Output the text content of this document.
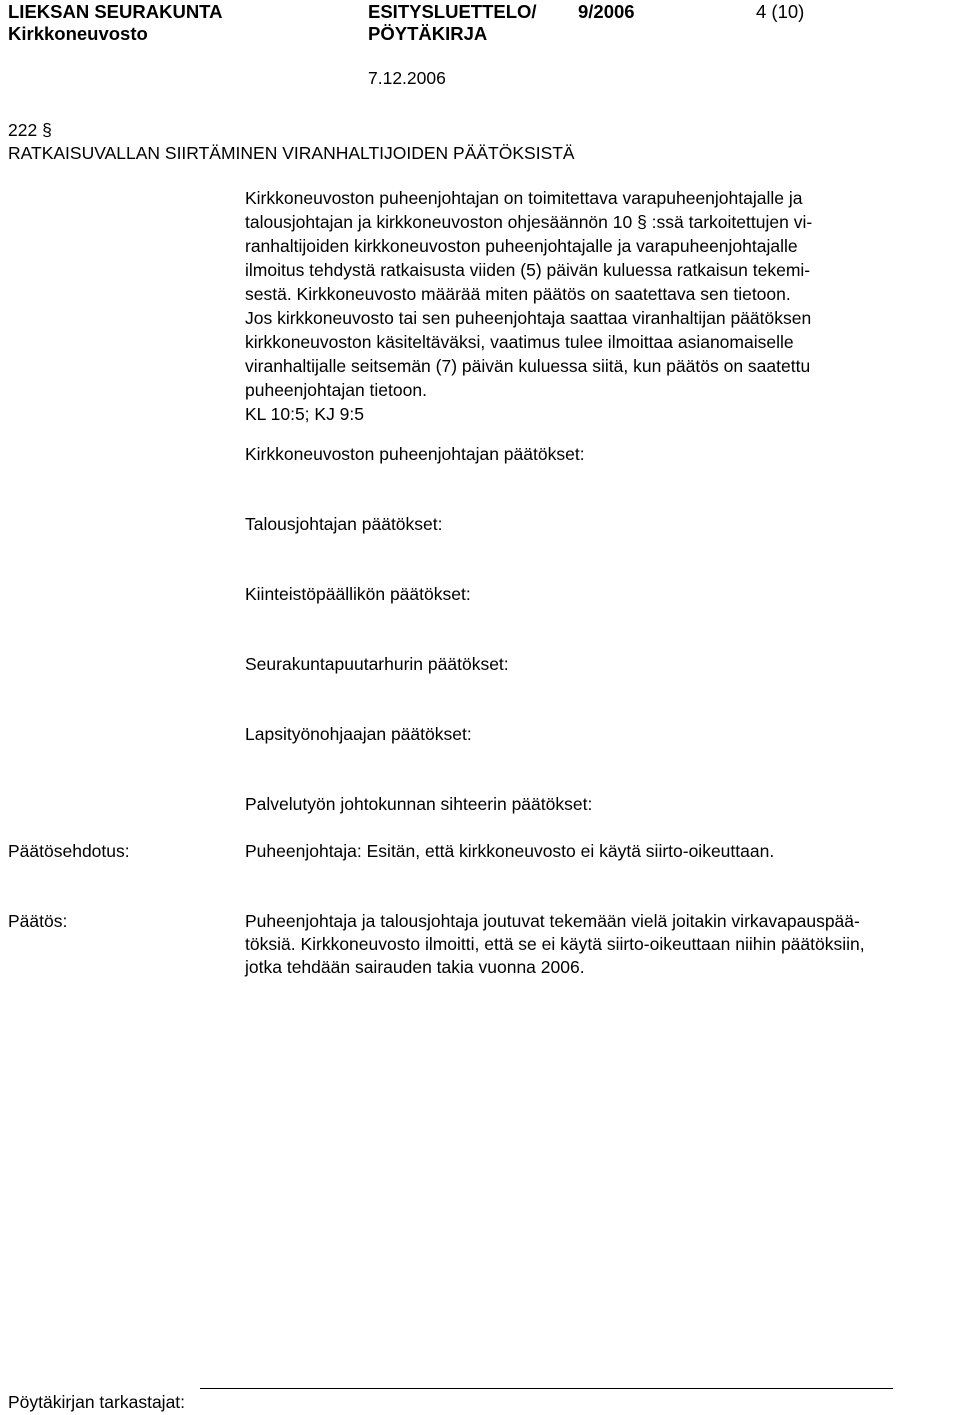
LIEKSAN SEURAKUNTA
Kirkkoneuvosto
ESITYSLUETTELO/
PÖYTÄKIRJA
9/2006	4 (10)
7.12.2006
222 §
RATKAISUVALLAN SIIRTÄMINEN VIRANHALTIJOIDEN PÄÄTÖKSISTÄ
Kirkkoneuvoston puheenjohtajan on toimitettava varapuheenjohtajalle ja
talousjohtajan ja kirkkoneuvoston ohjesäännön 10 § :ssä tarkoitettujen vi-
ranhaltijoiden kirkkoneuvoston puheenjohtajalle ja varapuheenjohtajalle
ilmoitus tehdystä ratkaisusta viiden (5) päivän kuluessa ratkaisun tekemi-
sestä. Kirkkoneuvosto määrää miten päätös on saatettava sen tietoon.
Jos kirkkoneuvosto tai sen puheenjohtaja saattaa viranhaltijan päätöksen
kirkkoneuvoston käsiteltäväksi, vaatimus tulee ilmoittaa asianomaiselle
viranhaltijalle seitsemän (7) päivän kuluessa siitä, kun päätös on saatettu
puheenjohtajan tietoon.
KL 10:5; KJ 9:5
Kirkkoneuvoston puheenjohtajan päätökset:
Talousjohtajan päätökset:
Kiinteistöpäällikön päätökset:
Seurakuntapuutarhurin päätökset:
Lapsityönohjaajan päätökset:
Palvelutyön johtokunnan sihteerin päätökset:
Päätösehdotus:	Puheenjohtaja: Esitän, että kirkkoneuvosto ei käytä siirto-oikeuttaan.
Päätös:	Puheenjohtaja ja talousjohtaja joutuvat tekemään vielä joitakin virkavapauspää-
töksiä. Kirkkoneuvosto ilmoitti, että se ei käytä siirto-oikeuttaan niihin päätöksiin,
jotka tehdään sairauden takia vuonna 2006.
Pöytäkirjan tarkastajat:
